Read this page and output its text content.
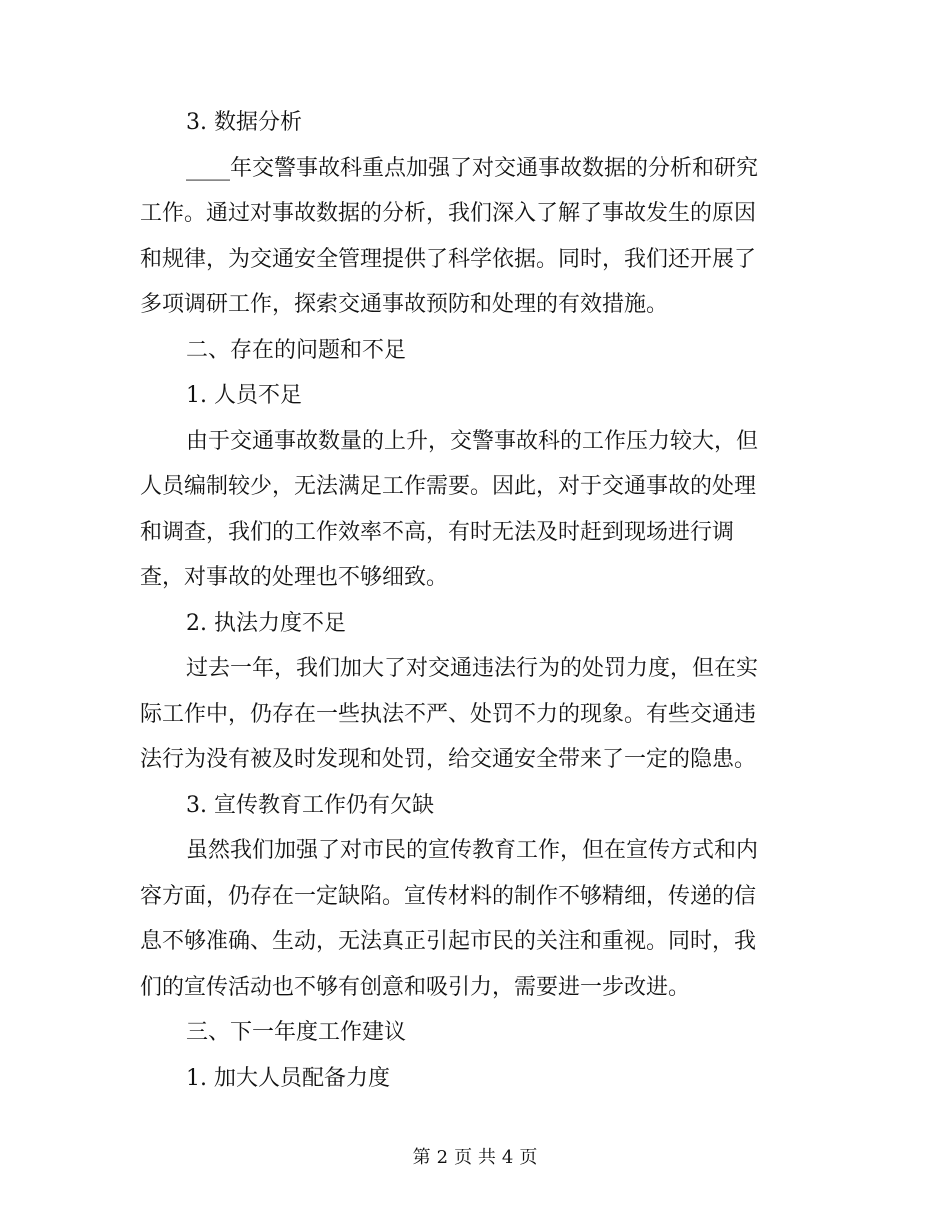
3. 数据分析

____年交警事故科重点加强了对交通事故数据的分析和研究

工作。通过对事故数据的分析，我们深入了解了事故发生的原因

和规律，为交通安全管理提供了科学依据。同时，我们还开展了

多项调研工作，探索交通事故预防和处理的有效措施。

二、存在的问题和不足

1. 人员不足

由于交通事故数量的上升，交警事故科的工作压力较大，但

人员编制较少，无法满足工作需要。因此，对于交通事故的处理

和调查，我们的工作效率不高，有时无法及时赶到现场进行调

查，对事故的处理也不够细致。

2. 执法力度不足

过去一年，我们加大了对交通违法行为的处罚力度，但在实

际工作中，仍存在一些执法不严、处罚不力的现象。有些交通违

法行为没有被及时发现和处罚，给交通安全带来了一定的隐患。

3. 宣传教育工作仍有欠缺

虽然我们加强了对市民的宣传教育工作，但在宣传方式和内

容方面，仍存在一定缺陷。宣传材料的制作不够精细，传递的信

息不够准确、生动，无法真正引起市民的关注和重视。同时，我

们的宣传活动也不够有创意和吸引力，需要进一步改进。

三、下一年度工作建议

1. 加大人员配备力度

第 2 页 共 4 页
